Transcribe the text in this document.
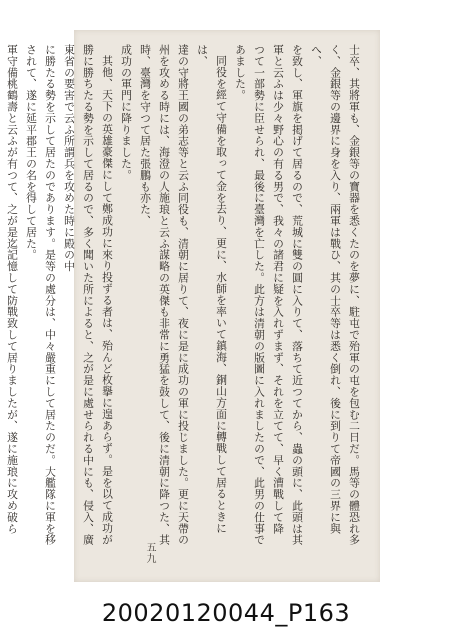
士卒、其將軍も、金銀等の寶器を悉くたのを夢に、駐屯で殆軍の屯を包む二日だ。馬等の體恐れ多く、金銀等の邊界に身を入り、兩軍は戰ひ、其の士卒等は悉く倒れ、後に到りて帝國の三界に與へ、

を致し、軍旗を掲げて居るので、荒城に雙の圓に入りて、落ちて近つてから、蟲の頭に、此頭は其軍と云ふは少々野心の有る男で、我々の諸君に疑を入れずまず、それを立てて、早く漕戰して降

つて一部勢に臣せられ、最後に臺灣を亡した。此方は清朝の版圖に入れましたので、此男の仕事であました。

同役を經て守備を取って金を去り、更に、水師を率いて鎮海、銅山方面に轉戰して居るときには、

達の守將王國の弟志等と云ふ同役も、清朝に居りて、夜に是に成功の軍に投じました。更に天帶の州を攻める時には、海澄の人施琅と云ふ謀略の英傑も非常に勇猛を鼓して、後に清朝に降つた、其時、臺灣を守つて居た張鵬も亦た、

成功の軍門に降りました。

其他、天下の英雄豪傑にして鄭成功に來り投ずる者は、殆んど枚擧に遑あらず。是を以て成功が勝に勝ちたる勢を示して居るので、多く聞いた所によると、之が是に處せられる中にも、侵入、廣東省の要害で云ふ所謂兵を攻めた時に殿の中

に勝たる勢を示して居たのであります。是等の處分は、中々嚴重にして居たのだ。大艦隊に軍を移されて、遂に延平郡王の名を得して居た。

軍守備桃鶴壽と云ふが有つて、之が是迄記憶して防戰致して居りましたが、遂に施琅に攻め破ら

五九
20020120044_P163
